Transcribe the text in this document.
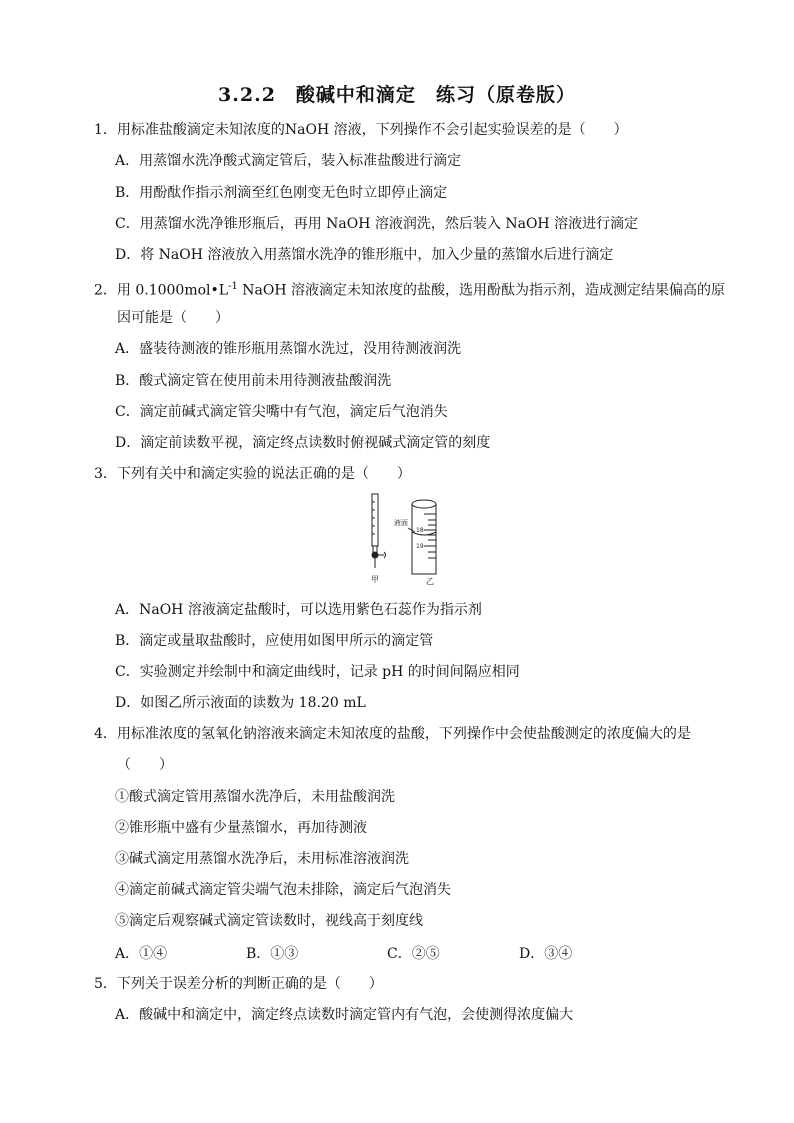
3.2.2　酸碱中和滴定　练习（原卷版）
1．用标准盐酸滴定未知浓度的NaOH 溶液，下列操作不会引起实验误差的是（　　）
A．用蒸馏水洗净酸式滴定管后，装入标准盐酸进行滴定
B．用酚酞作指示剂滴至红色刚变无色时立即停止滴定
C．用蒸馏水洗净锥形瓶后，再用 NaOH 溶液润洗，然后装入 NaOH 溶液进行滴定
D．将 NaOH 溶液放入用蒸馏水洗净的锥形瓶中，加入少量的蒸馏水后进行滴定
2．用 $0.1000mol•L^{-1}$ NaOH 溶液滴定未知浓度的盐酸，选用酚酞为指示剂，造成测定结果偏高的原
因可能是（　　）
A．盛装待测液的锥形瓶用蒸馏水洗过，没用待测液润洗
B．酸式滴定管在使用前未用待测液盐酸润洗
C．滴定前碱式滴定管尖嘴中有气泡，滴定后气泡消失
D．滴定前读数平视，滴定终点读数时俯视碱式滴定管的刻度
3．下列有关中和滴定实验的说法正确的是（　　）
甲
液面
18
19
乙
A．NaOH 溶液滴定盐酸时，可以选用紫色石蕊作为指示剂
B．滴定或量取盐酸时，应使用如图甲所示的滴定管
C．实验测定并绘制中和滴定曲线时，记录 pH 的时间间隔应相同
D．如图乙所示液面的读数为 18.20 mL
4．用标准浓度的氢氧化钠溶液来滴定未知浓度的盐酸，下列操作中会使盐酸测定的浓度偏大的是
（　　）
①酸式滴定管用蒸馏水洗净后，未用盐酸润洗
②锥形瓶中盛有少量蒸馏水，再加待测液
③碱式滴定用蒸馏水洗净后，未用标准溶液润洗
④滴定前碱式滴定管尖端气泡未排除，滴定后气泡消失
⑤滴定后观察碱式滴定管读数时，视线高于刻度线
A．①④	B．①③	C．②⑤	D．③④
5．下列关于误差分析的判断正确的是（　　）
A．酸碱中和滴定中，滴定终点读数时滴定管内有气泡，会使测得浓度偏大
